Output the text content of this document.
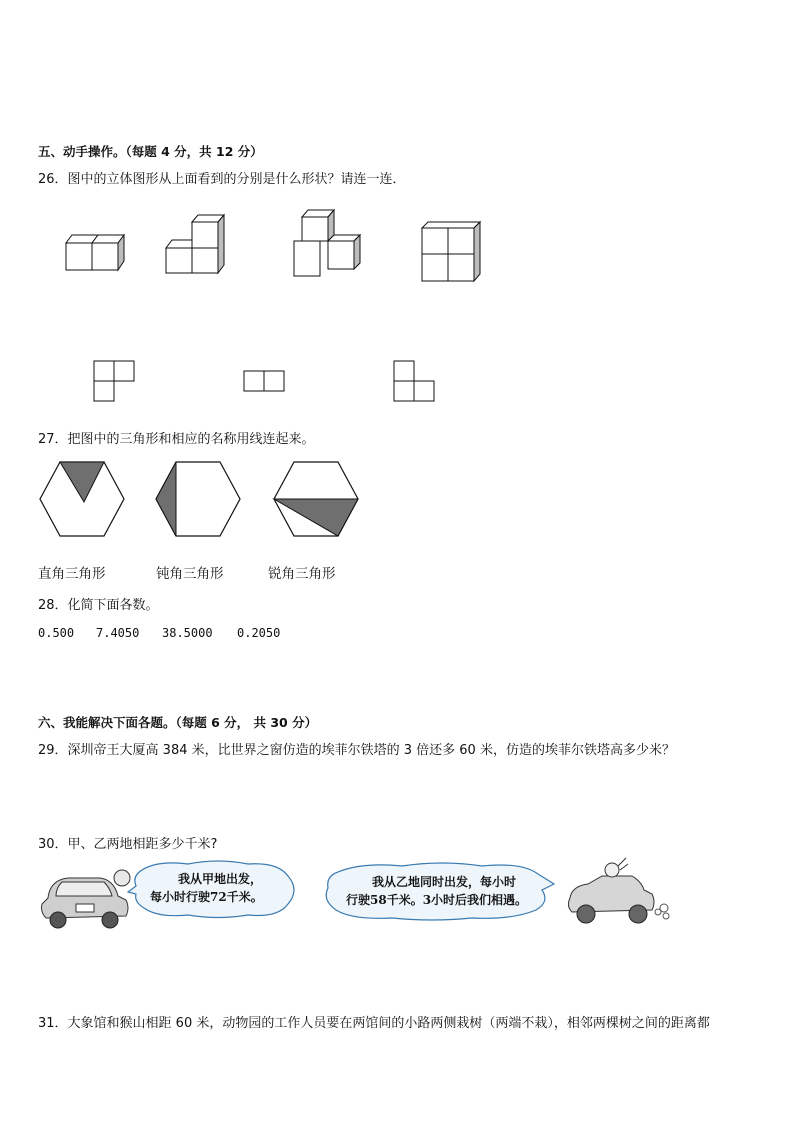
五、动手操作。（每题 4 分，共 12 分）
26．图中的立体图形从上面看到的分别是什么形状？请连一连．
27．把图中的三角形和相应的名称用线连起来。
直角三角形	钝角三角形	锐角三角形
28．化简下面各数。
0.500 7.4050 38.5000 0.2050
六、我能解决下面各题。（每题 6 分， 共 30 分）
29．深圳帝王大厦高 384 米，比世界之窗仿造的埃菲尔铁塔的 3 倍还多 60 米，仿造的埃菲尔铁塔高多少米？
30．甲、乙两地相距多少千米?
我从甲地出发，
每小时行驶72千米。
我从乙地同时出发，每小时
行驶58千米。3小时后我们相遇。
31．大象馆和猴山相距 60 米，动物园的工作人员要在两馆间的小路两侧栽树（两端不栽），相邻两棵树之间的距离都
